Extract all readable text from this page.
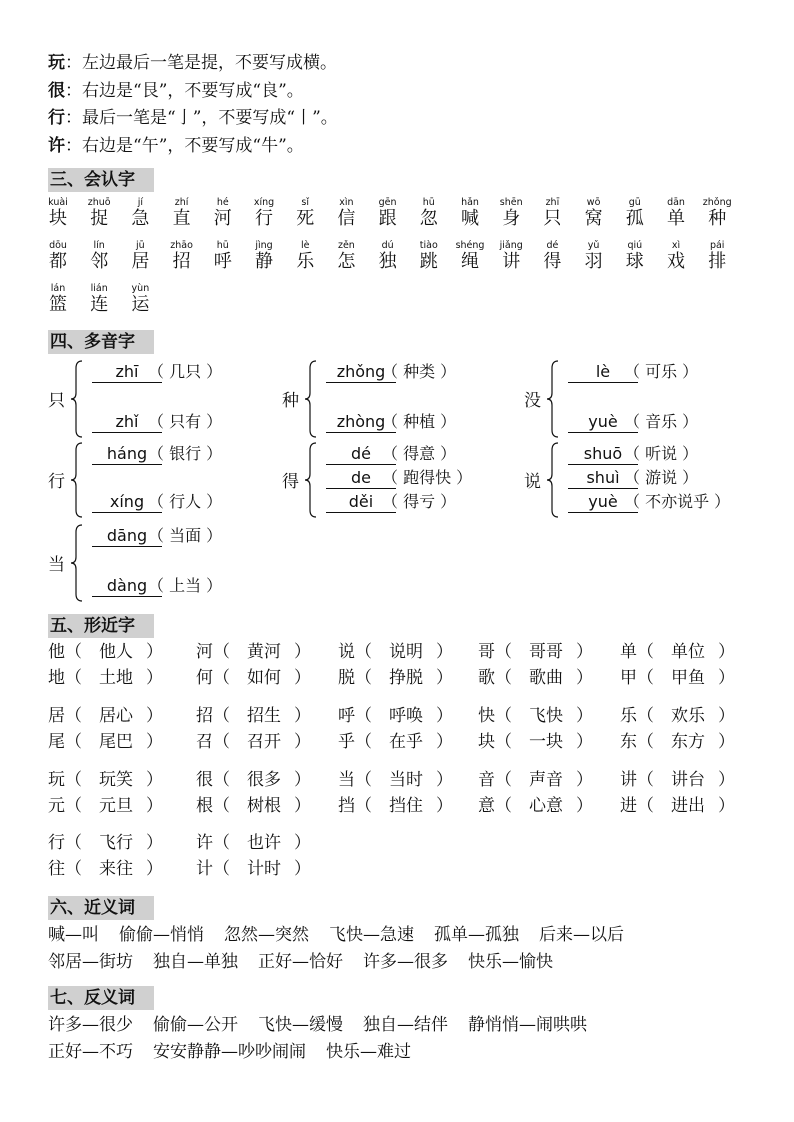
玩：左边最后一笔是提，不要写成横。
很：右边是“艮”，不要写成“良”。
行：最后一笔是“亅”，不要写成“丨”。
许：右边是“午”，不要写成“牛”。
三、会认字
kuài
块
zhuō
捉
jí
急
zhí
直
hé
河
xíng
行
sǐ
死
xìn
信
gēn
跟
hū
忽
hǎn
喊
shēn
身
zhī
只
wō
窝
gū
孤
dān
单
zhǒng
种
dōu
都
lín
邻
jū
居
zhāo
招
hū
呼
jìng
静
lè
乐
zěn
怎
dú
独
tiào
跳
shéng
绳
jiǎng
讲
dé
得
yǔ
羽
qiú
球
xì
戏
pái
排
lán
篮
lián
连
yùn
运
四、多音字
只
zhī （ 几只 ）
zhǐ （ 只有 ）
种
zhǒng
（ 种类 ）
zhòng
（ 种植 ）
没
lè （ 可乐 ）
yuè （ 音乐 ）
行
háng （ 银行 ）
xíng （ 行人 ）
得
dé （ 得意 ）
de （ 跑得快 ）
děi （ 得亏 ）
说
shuō （ 听说 ）
shuì （ 游说 ）
yuè （ 不亦说乎 ）
当
dāng （ 当面 ）
dàng （ 上当 ）
五、形近字
他（ 他人 ） 河（ 黄河 ） 说（ 说明 ） 哥（ 哥哥 ） 单（ 单位 ）
地（ 土地 ） 何（ 如何 ） 脱（ 挣脱 ） 歌（ 歌曲 ） 甲（ 甲鱼 ）
居（ 居心 ） 招（ 招生 ） 呼（ 呼唤 ） 快（ 飞快 ） 乐（ 欢乐 ）
尾（ 尾巴 ） 召（ 召开 ） 乎（ 在乎 ） 块（ 一块 ） 东（ 东方 ）
玩（ 玩笑 ） 很（ 很多 ） 当（ 当时 ） 音（ 声音 ） 讲（ 讲台 ）
元（ 元旦 ） 根（ 树根 ） 挡（ 挡住 ） 意（ 心意 ） 进（ 进出 ）
行（ 飞行 ） 许（ 也许 ）
往（ 来往 ） 计（ 计时 ）
六、近义词
喊—叫 偷偷—悄悄 忽然—突然 飞快—急速 孤单—孤独 后来—以后
邻居—街坊 独自—单独 正好—恰好 许多—很多 快乐—愉快
七、反义词
许多—很少 偷偷—公开 飞快—缓慢 独自—结伴 静悄悄—闹哄哄
正好—不巧 安安静静—吵吵闹闹 快乐—难过
